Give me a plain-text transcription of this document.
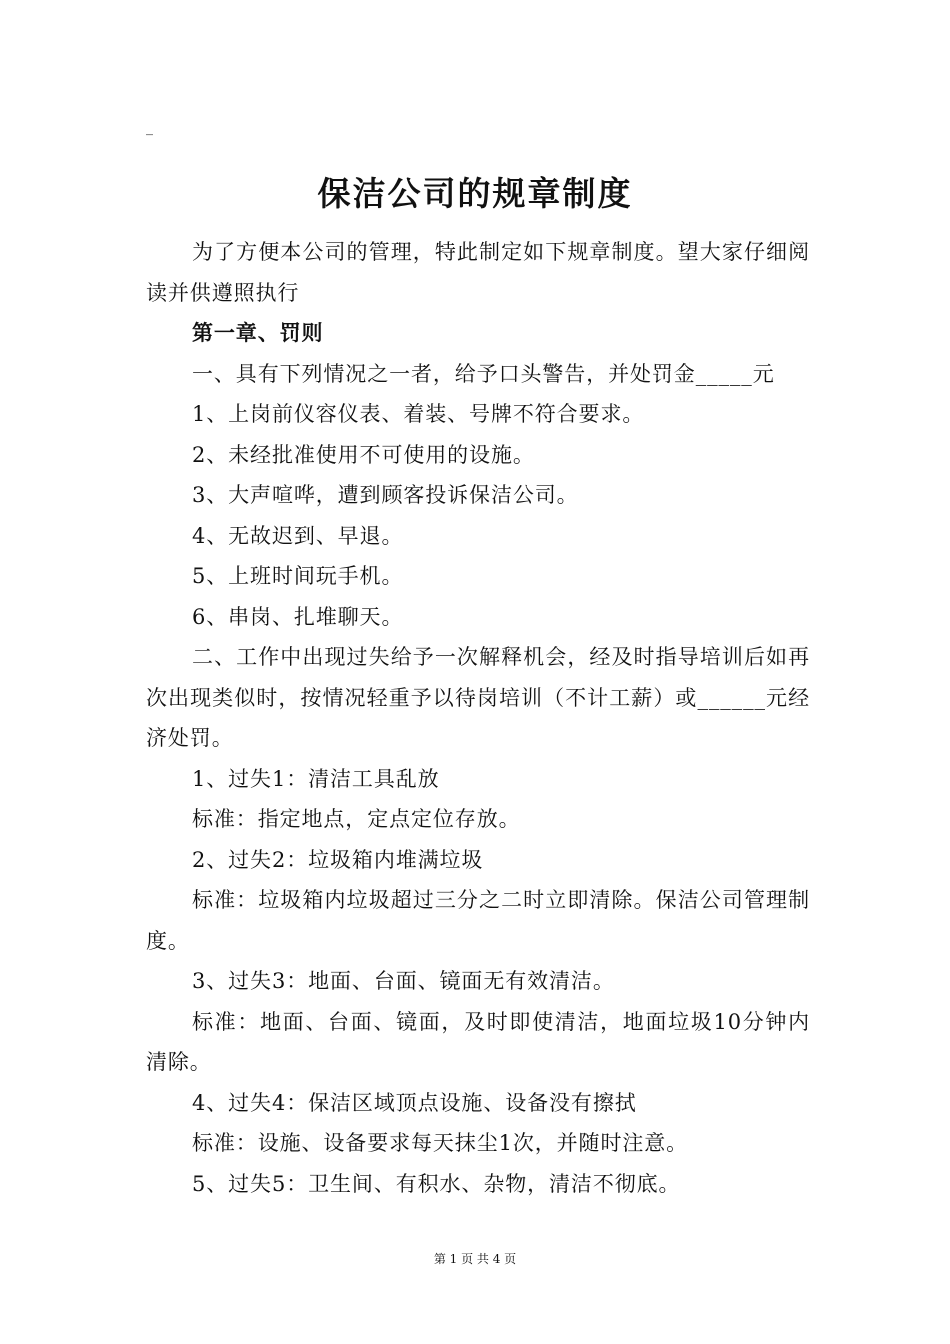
_
保洁公司的规章制度

为了方便本公司的管理，特此制定如下规章制度。望大家仔细阅读并供遵照执行

第一章、罚则

一、具有下列情况之一者，给予口头警告，并处罚金_____元

1、上岗前仪容仪表、着装、号牌不符合要求。

2、未经批准使用不可使用的设施。

3、大声喧哗，遭到顾客投诉保洁公司。

4、无故迟到、早退。

5、上班时间玩手机。

6、串岗、扎堆聊天。

二、工作中出现过失给予一次解释机会，经及时指导培训后如再次出现类似时，按情况轻重予以待岗培训（不计工薪）或______元经济处罚。

1、过失1：清洁工具乱放

标准：指定地点，定点定位存放。

2、过失2：垃圾箱内堆满垃圾

标准：垃圾箱内垃圾超过三分之二时立即清除。保洁公司管理制度。

3、过失3：地面、台面、镜面无有效清洁。

标准：地面、台面、镜面，及时即使清洁，地面垃圾10分钟内清除。

4、过失4：保洁区域顶点设施、设备没有擦拭

标准：设施、设备要求每天抹尘1次，并随时注意。

5、过失5：卫生间、有积水、杂物，清洁不彻底。

第 1 页 共 4 页
